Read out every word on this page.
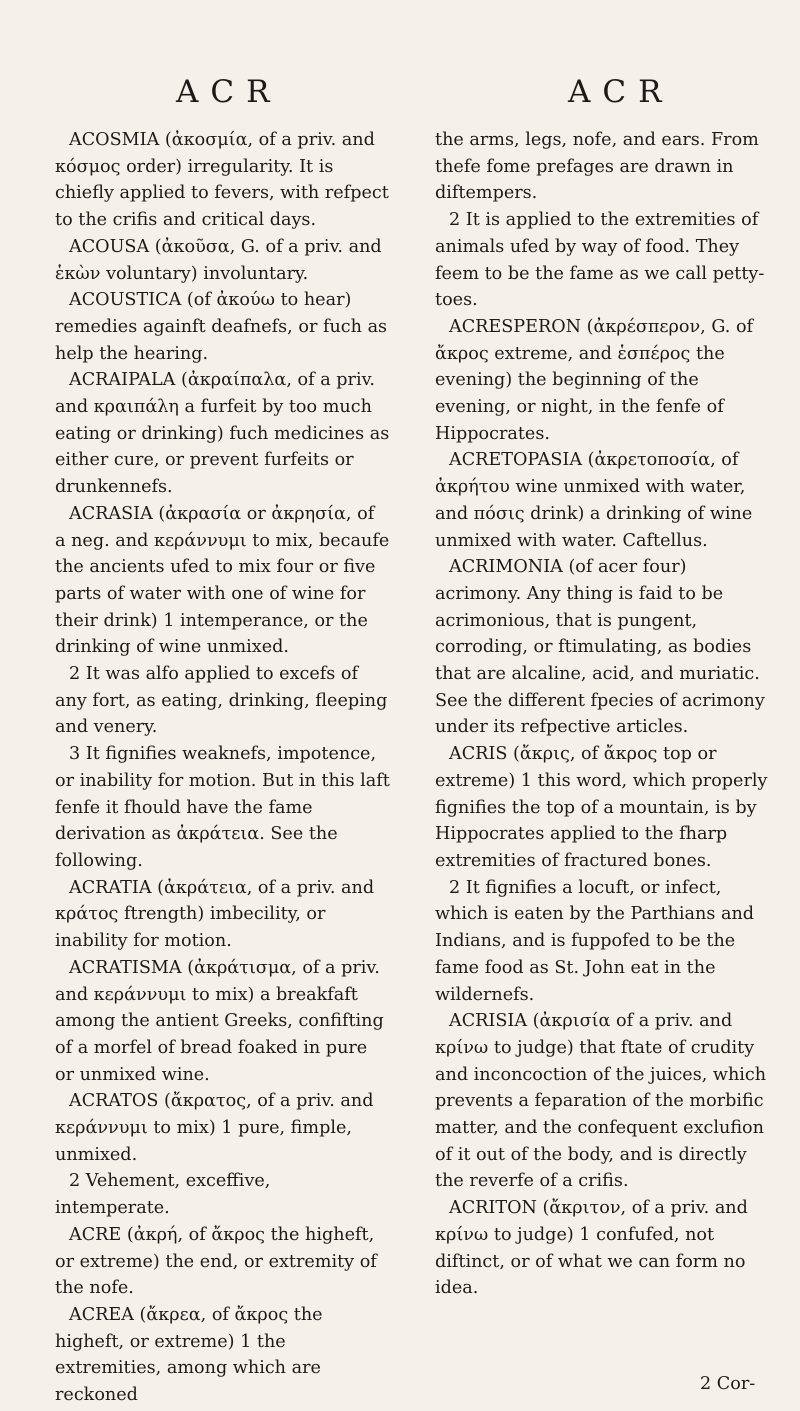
ACR	ACR

ACOSMIA (ἀκοσμία, of a priv. and κόσμος order) irregularity. It is chiefly applied to fevers, with refpect to the crifis and critical days.

ACOUSA (ἀκοῦσα, G. of a priv. and ἑκὼν voluntary) involuntary.

ACOUSTICA (of ἀκούω to hear) remedies againft deafnefs, or fuch as help the hearing.

ACRAIPALA (ἀκραίπαλα, of a priv. and κραιπάλη a furfeit by too much eating or drinking) fuch medicines as either cure, or prevent furfeits or drunkennefs.

ACRASIA (ἀκρασία or ἀκρησία, of a neg. and κεράννυμι to mix, becaufe the ancients ufed to mix four or five parts of water with one of wine for their drink) 1 intemperance, or the drinking of wine unmixed.

2 It was alfo applied to excefs of any fort, as eating, drinking, fleeping and venery.

3 It fignifies weaknefs, impotence, or inability for motion. But in this laft fenfe it fhould have the fame derivation as ἀκράτεια. See the following.

ACRATIA (ἀκράτεια, of a priv. and κράτος ftrength) imbecility, or inability for motion.

ACRATISMA (ἀκράτισμα, of a priv. and κεράννυμι to mix) a breakfaft among the antient Greeks, confifting of a morfel of bread foaked in pure or unmixed wine.

ACRATOS (ἄκρατος, of a priv. and κεράννυμι to mix) 1 pure, fimple, unmixed.

2 Vehement, exceffive, intemperate.

ACRE (ἀκρή, of ἄκρος the higheft, or extreme) the end, or extremity of the nofe.

ACREA (ἄκρεα, of ἄκρος the higheft, or extreme) 1 the extremities, among which are reckoned

the arms, legs, nofe, and ears. From thefe fome prefages are drawn in diftempers.

2 It is applied to the extremities of animals ufed by way of food. They feem to be the fame as we call petty-toes.

ACRESPERON (ἀκρέσπερον, G. of ἄκρος extreme, and ἑσπέρος the evening) the beginning of the evening, or night, in the fenfe of Hippocrates.

ACRETOPASIA (ἀκρετοποσία, of ἀκρήτου wine unmixed with water, and πόσις drink) a drinking of wine unmixed with water. Caftellus.

ACRIMONIA (of acer four) acrimony. Any thing is faid to be acrimonious, that is pungent, corroding, or ftimulating, as bodies that are alcaline, acid, and muriatic. See the different fpecies of acrimony under its refpective articles.

ACRIS (ἄκρις, of ἄκρος top or extreme) 1 this word, which properly fignifies the top of a mountain, is by Hippocrates applied to the fharp extremities of fractured bones.

2 It fignifies a locuft, or infect, which is eaten by the Parthians and Indians, and is fuppofed to be the fame food as St. John eat in the wildernefs.

ACRISIA (ἀκρισία of a priv. and κρίνω to judge) that ftate of crudity and inconcoction of the juices, which prevents a feparation of the morbific matter, and the confequent exclufion of it out of the body, and is directly the reverfe of a crifis.

ACRITON (ἄκριτον, of a priv. and κρίνω to judge) 1 confufed, not diftinct, or of what we can form no idea.

2 Cor-
